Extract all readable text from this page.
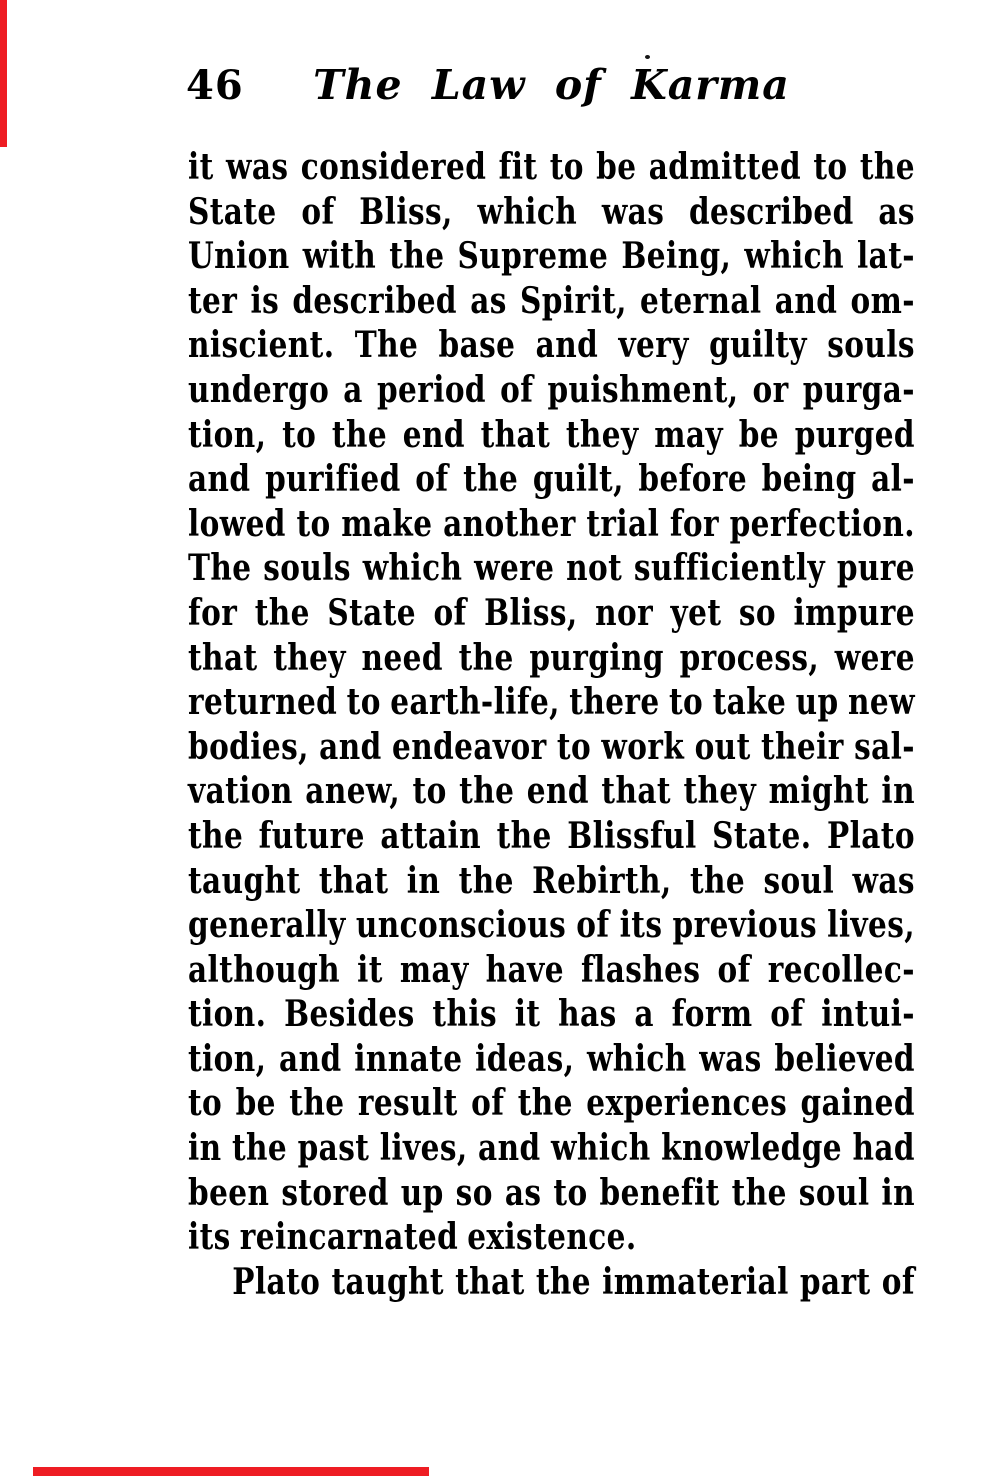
46	The Law of Karma
it was considered fit to be admitted to the
State of Bliss, which was described as
Union with the Supreme Being, which lat-
ter is described as Spirit, eternal and om-
niscient. The base and very guilty souls
undergo a period of puishment, or purga-
tion, to the end that they may be purged
and purified of the guilt, before being al-
lowed to make another trial for perfection.
The souls which were not sufficiently pure
for the State of Bliss, nor yet so impure
that they need the purging process, were
returned to earth-life, there to take up new
bodies, and endeavor to work out their sal-
vation anew, to the end that they might in
the future attain the Blissful State. Plato
taught that in the Rebirth, the soul was
generally unconscious of its previous lives,
although it may have flashes of recollec-
tion. Besides this it has a form of intui-
tion, and innate ideas, which was believed
to be the result of the experiences gained
in the past lives, and which knowledge had
been stored up so as to benefit the soul in
its reincarnated existence.
Plato taught that the immaterial part of
